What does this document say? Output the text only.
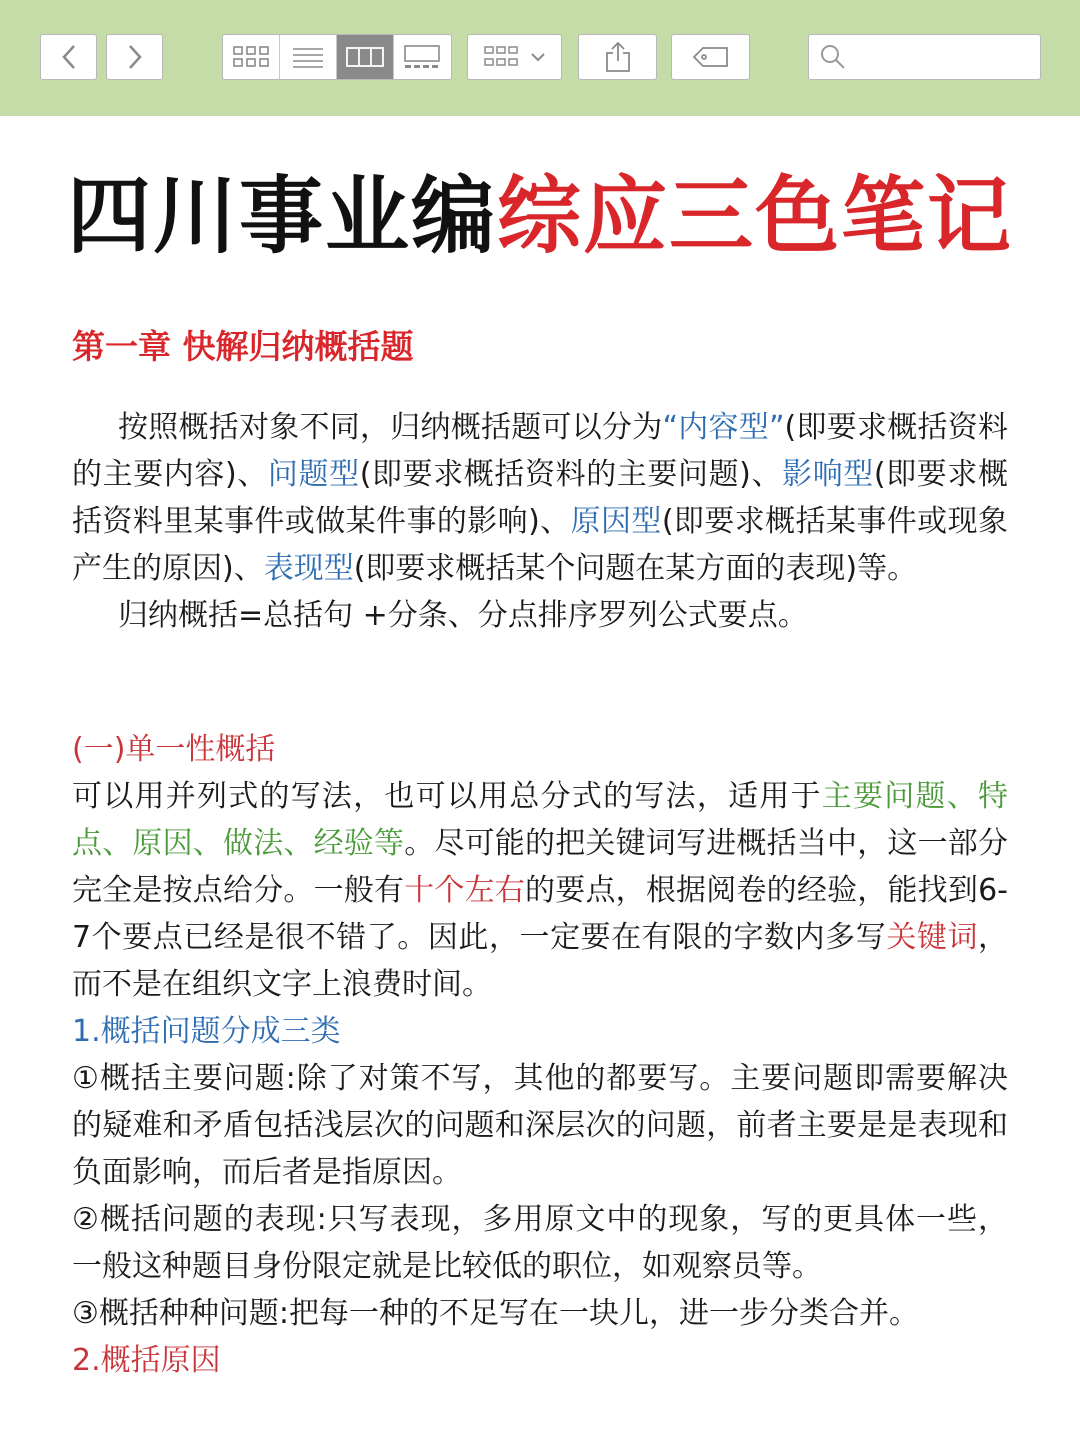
四川事业编综应三色笔记
第一章 快解归纳概括题

按照概括对象不同，归纳概括题可以分为“内容型”(即要求概括资料的主要内容)、问题型(即要求概括资料的主要问题)、影响型(即要求概括资料里某事件或做某件事的影响)、原因型(即要求概括某事件或现象产生的原因)、表现型(即要求概括某个问题在某方面的表现)等。

归纳概括=总括句 +分条、分点排序罗列公式要点。

(一)单一性概括

可以用并列式的写法，也可以用总分式的写法，适用于主要问题、特点、原因、做法、经验等。尽可能的把关键词写进概括当中，这一部分完全是按点给分。一般有十个左右的要点，根据阅卷的经验，能找到6-7个要点已经是很不错了。因此，一定要在有限的字数内多写关键词，而不是在组织文字上浪费时间。

1.概括问题分成三类

①概括主要问题:除了对策不写，其他的都要写。主要问题即需要解决的疑难和矛盾包括浅层次的问题和深层次的问题，前者主要是是表现和负面影响，而后者是指原因。

②概括问题的表现:只写表现，多用原文中的现象，写的更具体一些，一般这种题目身份限定就是比较低的职位，如观察员等。

③概括种种问题:把每一种的不足写在一块儿，进一步分类合并。

2.概括原因
